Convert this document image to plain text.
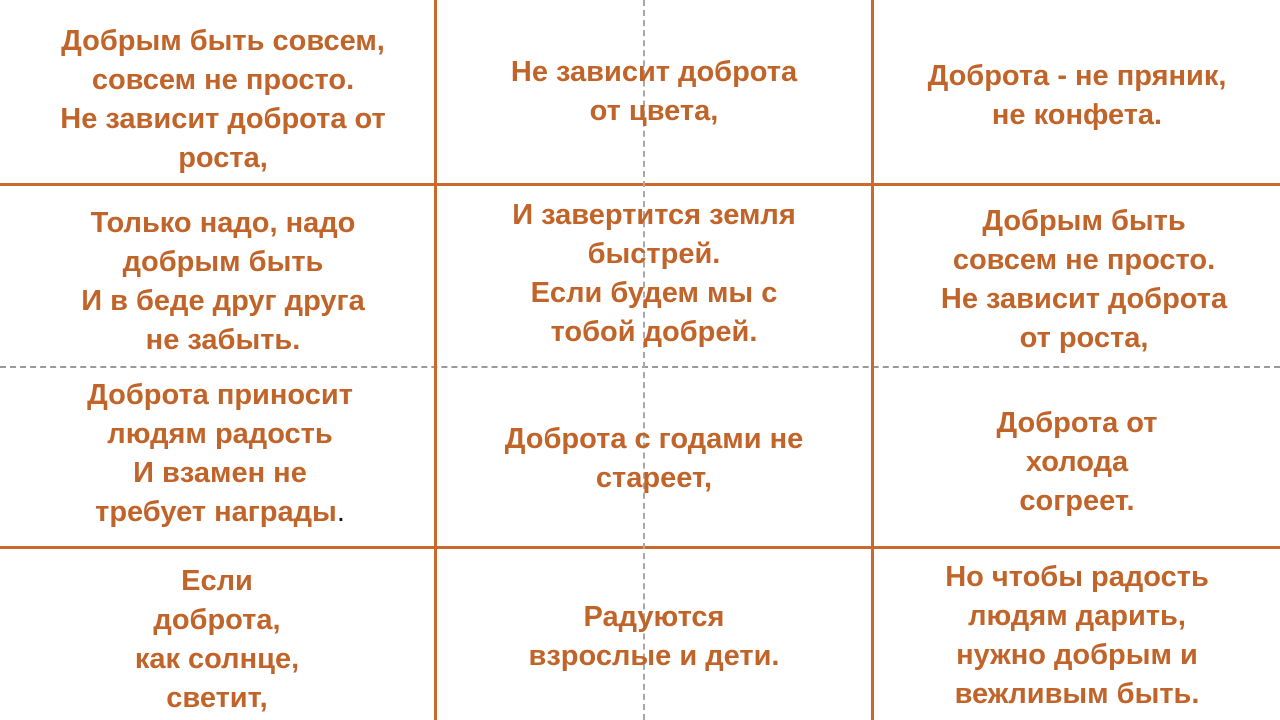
Добрым быть совсем,
совсем не просто.
Не зависит доброта от
роста,
Не зависит доброта
от цвета,
Доброта - не пряник,
не конфета.
Только надо, надо
добрым быть
И в беде друг друга
не забыть.
И завертится земля
быстрей.
Если будем мы с
тобой добрей.
Добрым быть
совсем не просто.
Не зависит доброта
от роста,
Доброта приносит
людям радость
И взамен не
требует награды.
Доброта с годами не
стареет,
Доброта от
холода
согреет.
Если
доброта,
как солнце,
светит,
Радуются
взрослые и дети.
Но чтобы радость
людям дарить,
нужно добрым и
вежливым быть.
